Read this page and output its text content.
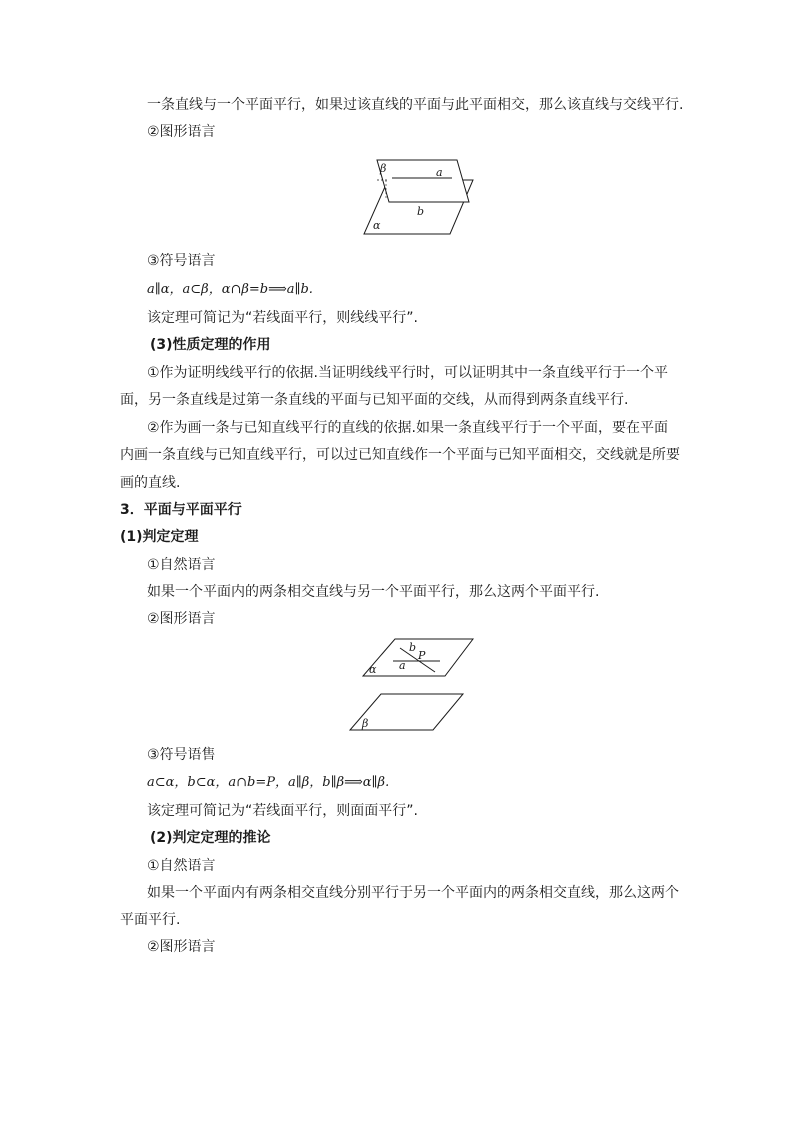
一条直线与一个平面平行，如果过该直线的平面与此平面相交，那么该直线与交线平行.
②图形语言
β	a
b
α
③符号语言
a∥α，a⊂β，α∩β=b⟹a∥b.
该定理可简记为“若线面平行，则线线平行”.
(3)性质定理的作用
①作为证明线线平行的依据.当证明线线平行时，可以证明其中一条直线平行于一个平
面，另一条直线是过第一条直线的平面与已知平面的交线，从而得到两条直线平行.
②作为画一条与已知直线平行的直线的依据.如果一条直线平行于一个平面，要在平面
内画一条直线与已知直线平行，可以过已知直线作一个平面与已知平面相交，交线就是所要
画的直线.
3．平面与平面平行
(1)判定定理
①自然语言
如果一个平面内的两条相交直线与另一个平面平行，那么这两个平面平行.
②图形语言
b
P
a
α
β
③符号语售
a⊂α，b⊂α，a∩b=P，a∥β，b∥β⟹α∥β.
该定理可简记为“若线面平行，则面面平行”.
(2)判定定理的推论
①自然语言
如果一个平面内有两条相交直线分别平行于另一个平面内的两条相交直线，那么这两个
平面平行.
②图形语言
